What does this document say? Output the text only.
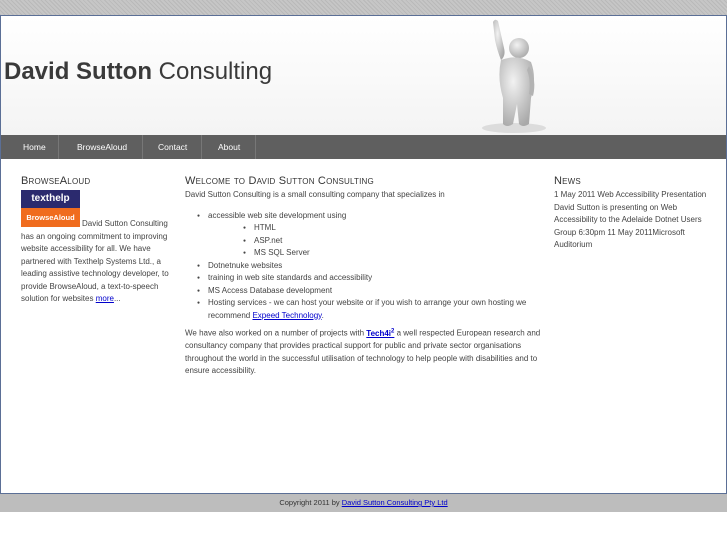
David Sutton Consulting
Home	BrowseAloud	Contact	About
BrowseAloud
texthelp
BrowseAloud
David Sutton Consulting has an ongoing commitment to improving website accessibility for all. We have partnered with Texthelp Systems Ltd., a leading assistive technology developer, to provide BrowseAloud, a text-to-speech solution for websites more...
Welcome to David Sutton Consulting
David Sutton Consulting is a small consulting company that specializes in
● accessible web site development using
● HTML
● ASP.net
● MS SQL Server
● Dotnetnuke websites
● training in web site standards and accessibility
● MS Access Database development
● Hosting services - we can host your website or if you wish to arrange your own hosting we recommend Expeed Technology.
We have also worked on a number of projects with Tech4i$^2$ a well respected European research and consultancy company that provides practical support for public and private sector organisations throughout the world in the successful utilisation of technology to help people with disabilities and to ensure accessibility.
News
1 May 2011 Web Accessibility Presentation David Sutton is presenting on Web Accessibility to the Adelaide Dotnet Users Group 6:30pm 11 May 2011Microsoft Auditorium
Copyright 2011 by David Sutton Consulting Pty Ltd
